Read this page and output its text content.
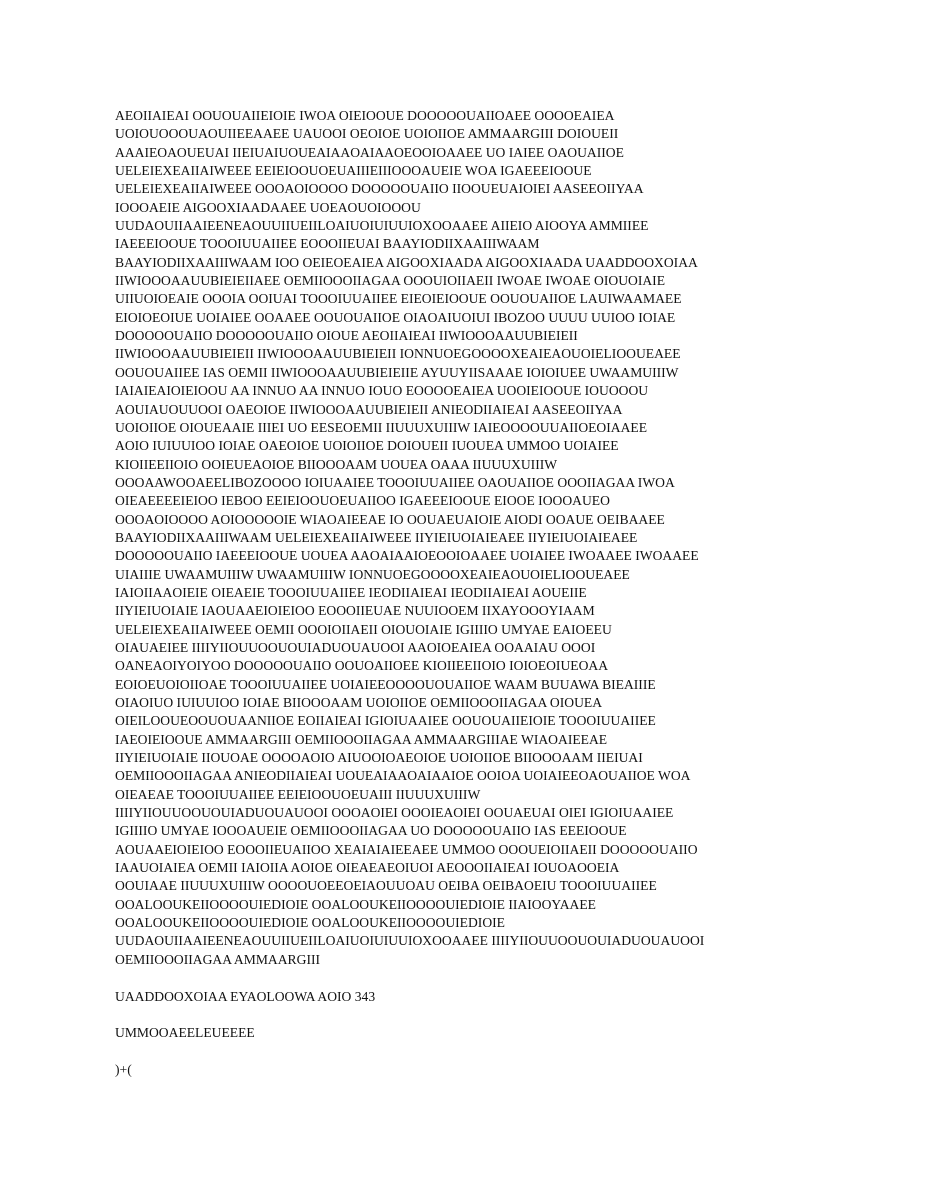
AEOIIAIEAI OOUOUAIIEIOIE IWOA OIEIOOUE DOOOOOUAIIOAEE OOOOEAIEA
UOIOUOOOUAOUIIEEAAEE UAUOOI OEOIOE UOIOIIOE AMMAARGIII DOIOUEII
AAAIEOAOUEUAI IIEIUAIUOUEAIAAOAIAAOEOOIOAAEE UO IAIEE OAOUAIIOE
UELEIEXEAIIAIWEEE EEIEIOOUOEUAIIIEIIIOOOAUEIE WOA IGAEEEIOOUE
UELEIEXEAIIAIWEEE OOOAOIOOOO DOOOOOUAIIO IIOOUEUAIOIEI AASEEOIIYAA
IOOOAEIE AIGOOXIAADAAEE UOEAOUOIOOOU
UUDAOUIIAAIEENEAOUUIIUEIILOAIUOIUIUUIOXOOAAEE AIIEIO AIOOYA AMMIIEE
IAEEEIOOUE TOOOIUUAIIEE EOOOIIEUAI BAAYIODIIXAAIIIWAAM
BAAYIODIIXAAIIIWAAM IOO OEIEOEAIEA AIGOOXIAADA AIGOOXIAADA UAADDOOXOIAA
IIWIOOOAAUUBIEIEIIAEE OEMIIOOOIIAGAA OOOUIOIIAEII IWOAE IWOAE OIOUOIAIE
UIIUOIOEAIE OOOIA OOIUAI TOOOIUUAIIEE EIEOIEIOOUE OOUOUAIIOE LAUIWAAMAEE
EIOIOEOIUE UOIAIEE OOAAEE OOUOUAIIOE OIAOAIUOIUI IBOZOO UUUU UUIOO IOIAE
DOOOOOUAIIO DOOOOOUAIIO OIOUE AEOIIAIEAI IIWIOOOAAUUBIEIEII
IIWIOOOAAUUBIEIEII IIWIOOOAAUUBIEIEII IONNUOEGOOOOXEAIEAOUOIELIOOUEAEE
OOUOUAIIEE IAS OEMII IIWIOOOAAUUBIEIEIIE AYUUYIISAAAE IOIOIUEE UWAAMUIIIW
IAIAIEAIOIEIOOU AA INNUO AA INNUO IOUO EOOOOEAIEA UOOIEIOOUE IOUOOOU
AOUIAUOUUOOI OAEOIOE IIWIOOOAAUUBIEIEII ANIEODIIAIEAI AASEEOIIYAA
UOIOIIOE OIOUEAAIE IIIEI UO EESEOEMII IIUUUXUIIIW IAIEOOOOUUAIIOEOIAAEE
AOIO IUIUUIOO IOIAE OAEOIOE UOIOIIOE DOIOUEII IUOUEA UMMOO UOIAIEE
KIOIIEEIIOIO OOIEUEAOIOE BIIOOOAAM UOUEA OAAA IIUUUXUIIIW
OOOAAWOOAEELIBOZOOOO IOIUAAIEE TOOOIUUAIIEE OAOUAIIOE OOOIIAGAA IWOA
OIEAEEEEIEIOO IEBOO EEIEIOOUOEUAIIOO IGAEEEIOOUE EIOOE IOOOAUEO
OOOAOIOOOO AOIOOOOOIE WIAOAIEEAE IO OOUAEUAIOIE AIODI OOAUE OEIBAAEE
BAAYIODIIXAAIIIWAAM UELEIEXEAIIAIWEEE IIYIEIUOIAIEAEE IIYIEIUOIAIEAEE
DOOOOOUAIIO IAEEEIOOUE UOUEA AAOAIAAIOEOOIOAAEE UOIAIEE IWOAAEE IWOAAEE
UIAIIIE UWAAMUIIIW UWAAMUIIIW IONNUOEGOOOOXEAIEAOUOIELIOOUEAEE
IAIOIIAAOIEIE OIEAEIE TOOOIUUAIIEE IEODIIAIEAI IEODIIAIEAI AOUEIIE
IIYIEIUOIAIE IAOUAAEIOIEIOO EOOOIIEUAE NUUIOOEM IIXAYOOOYIAAM
UELEIEXEAIIAIWEEE OEMII OOOIOIIAEII OIOUOIAIE IGIIIIO UMYAE EAIOEEU
OIAUAEIEE IIIIYIIOUUOOUOUIADUOUAUOOI AAOIOEAIEA OOAAIAU OOOI
OANEAOIYOIYOO DOOOOOUAIIO OOUOAIIOEE KIOIIEEIIOIO IOIOEOIUEOAA
EOIOEUOIOIIOAE TOOOIUUAIIEE UOIAIEEOOOOUOUAIIOE WAAM BUUAWA BIEAIIIE
OIAOIUO IUIUUIOO IOIAE BIIOOOAAM UOIOIIOE OEMIIOOOIIAGAA OIOUEA
OIEILOOUEOOUOUAANIIOE EOIIAIEAI IGIOIUAAIEE OOUOUAIIEIOIE TOOOIUUAIIEE
IAEOIEIOOUE AMMAARGIII OEMIIOOOIIAGAA AMMAARGIIIAE WIAOAIEEAE
IIYIEIUOIAIE IIOUOAE OOOOAOIO AIUOOIOAEOIOE UOIOIIOE BIIOOOAAM IIEIUAI
OEMIIOOOIIAGAA ANIEODIIAIEAI UOUEAIAAOAIAAIOE OOIOA UOIAIEEOAOUAIIOE WOA
OIEAEAE TOOOIUUAIIEE EEIEIOOUOEUAIII IIUUUXUIIIW
IIIIYIIOUUOOUOUIADUOUAUOOI OOOAOIEI OOOIEAOIEI OOUAEUAI OIEI IGIOIUAAIEE
IGIIIIO UMYAE IOOOAUEIE OEMIIOOOIIAGAA UO DOOOOOUAIIO IAS EEEIOOUE
AOUAAEIOIEIOO EOOOIIEUAIIOO XEAIAIAIEEAEE UMMOO OOOUEIOIIAEII DOOOOOUAIIO
IAAUOIAIEA OEMII IAIOIIA AOIOE OIEAEAEOIUOI AEOOOIIAIEAI IOUOAOOEIA
OOUIAAE IIUUUXUIIIW OOOOUOEEOEIAOUUOAU OEIBA OEIBAOEIU TOOOIUUAIIEE
OOALOOUKEIIOOOOUIEDIOIE OOALOOUKEIIOOOOUIEDIOIE IIAIOOYAAEE
OOALOOUKEIIOOOOUIEDIOIE OOALOOUKEIIOOOOUIEDIOIE
UUDAOUIIAAIEENEAOUUIIUEIILOAIUOIUIUUIOXOOAAEE IIIIYIIOUUOOUOUIADUOUAUOOI
OEMIIOOOIIAGAA AMMAARGIII
UAADDOOXOIAA EYAOLOOWA AOIO 343
UMMOOAEELEUEEEE
)+(
